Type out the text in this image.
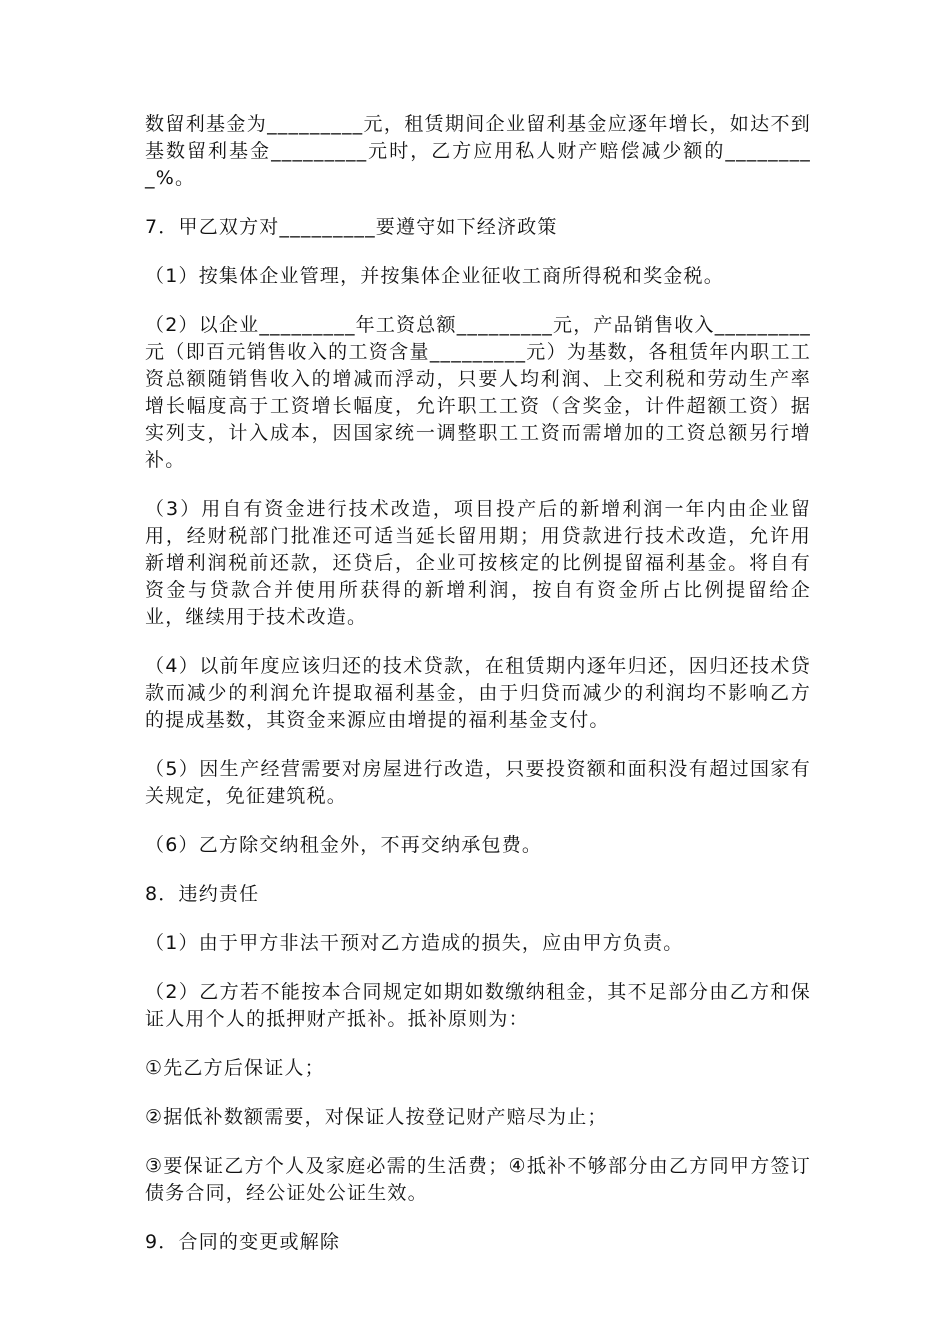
数留利基金为_________元，租赁期间企业留利基金应逐年增长，如达不到基数留利基金_________元时，乙方应用私人财产赔偿减少额的_________%。

7．甲乙双方对_________要遵守如下经济政策

（1）按集体企业管理，并按集体企业征收工商所得税和奖金税。

（2）以企业_________年工资总额_________元，产品销售收入_________元（即百元销售收入的工资含量_________元）为基数，各租赁年内职工工资总额随销售收入的增减而浮动，只要人均利润、上交利税和劳动生产率增长幅度高于工资增长幅度，允许职工工资（含奖金，计件超额工资）据实列支，计入成本，因国家统一调整职工工资而需增加的工资总额另行增补。

（3）用自有资金进行技术改造，项目投产后的新增利润一年内由企业留用，经财税部门批准还可适当延长留用期；用贷款进行技术改造，允许用新增利润税前还款，还贷后，企业可按核定的比例提留福利基金。将自有资金与贷款合并使用所获得的新增利润，按自有资金所占比例提留给企业，继续用于技术改造。

（4）以前年度应该归还的技术贷款，在租赁期内逐年归还，因归还技术贷款而减少的利润允许提取福利基金，由于归贷而减少的利润均不影响乙方的提成基数，其资金来源应由增提的福利基金支付。

（5）因生产经营需要对房屋进行改造，只要投资额和面积没有超过国家有关规定，免征建筑税。

（6）乙方除交纳租金外，不再交纳承包费。

8．违约责任

（1）由于甲方非法干预对乙方造成的损失，应由甲方负责。

（2）乙方若不能按本合同规定如期如数缴纳租金，其不足部分由乙方和保证人用个人的抵押财产抵补。抵补原则为：

①先乙方后保证人；

②据低补数额需要，对保证人按登记财产赔尽为止；

③要保证乙方个人及家庭必需的生活费；④抵补不够部分由乙方同甲方签订债务合同，经公证处公证生效。

9．合同的变更或解除
